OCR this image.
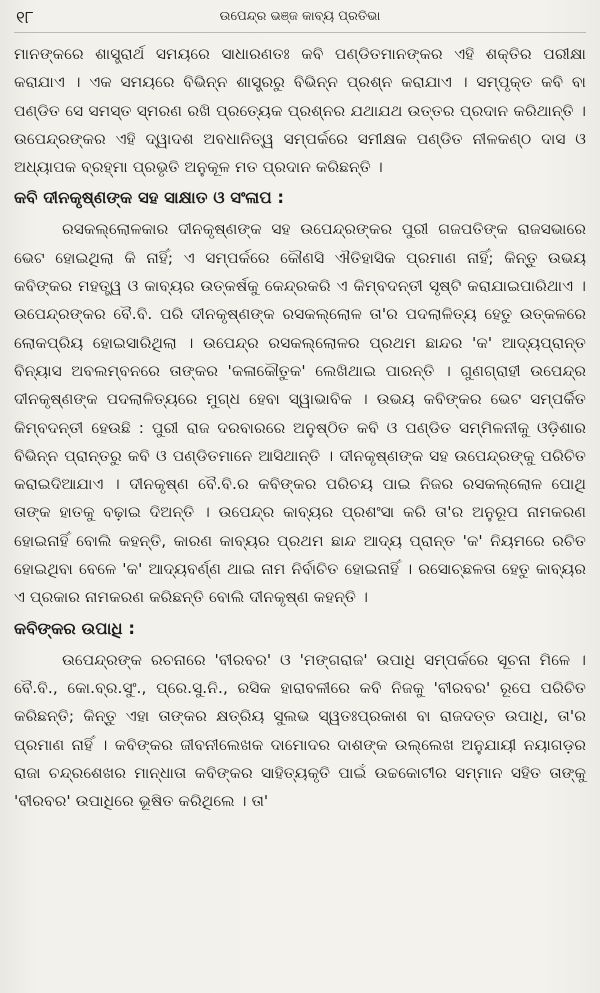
୧୮	ଉପେନ୍ଦ୍ର ଭଞ୍ଜ କାବ୍ୟ ପ୍ରତିଭା

ମାନଙ୍କରେ ଶାସ୍ତ୍ରାର୍ଥ ସମୟରେ ସାଧାରଣତଃ କବି ପଣ୍ଡିତମାନଙ୍କର ଏହି ଶକ୍ତିର ପରୀକ୍ଷା କରାଯାଏ । ଏକ ସମୟରେ ବିଭିନ୍ନ ଶାସ୍ତ୍ରରୁ ବିଭିନ୍ନ ପ୍ରଶ୍ନ କରାଯାଏ । ସମ୍ପୃକ୍ତ କବି ବା ପଣ୍ଡିତ ସେ ସମସ୍ତ ସ୍ମରଣ ରଖି ପ୍ରତ୍ୟେକ ପ୍ରଶ୍ନର ଯଥାଯଥ ଉତ୍ତର ପ୍ରଦାନ କରିଥାନ୍ତି । ଉପେନ୍ଦ୍ରଙ୍କର ଏହି ଦ୍ୱାଦଶ ଅବଧାନିତ୍ୱ ସମ୍ପର୍କରେ ସମୀକ୍ଷକ ପଣ୍ଡିତ ନୀଳକଣ୍ଠ ଦାସ ଓ ଅଧ୍ୟାପକ ବ୍ରହ୍ମା ପ୍ରଭୃତି ଅନୁକୂଳ ମତ ପ୍ରଦାନ କରିଛନ୍ତି ।

କବି ଦୀନକୃଷ୍ଣଙ୍କ ସହ ସାକ୍ଷାତ ଓ ସଂଳାପ :

ରସକଲ୍ଲୋଳକାର ଦୀନକୃଷ୍ଣଙ୍କ ସହ ଉପେନ୍ଦ୍ରଙ୍କର ପୁରୀ ଗଜପତିଙ୍କ ରାଜସଭାରେ ଭେଟ ହୋଇଥିଲା କି ନାହିଁ; ଏ ସମ୍ପର୍କରେ କୌଣସି ଐତିହାସିକ ପ୍ରମାଣ ନାହିଁ; କିନ୍ତୁ ଉଭୟ କବିଙ୍କର ମହତ୍ତ୍ୱ ଓ କାବ୍ୟର ଉତ୍କର୍ଷକୁ କେନ୍ଦ୍ରକରି ଏ କିମ୍ବଦନ୍ତୀ ସୃଷ୍ଟି କରାଯାଇପାରିଥାଏ । ଉପେନ୍ଦ୍ରଙ୍କର ବୈ.ବି. ପରି ଦୀନକୃଷ୍ଣଙ୍କ ରସକଲ୍ଲୋଳ ତା'ର ପଦଲାଳିତ୍ୟ ହେତୁ ଉତ୍କଳରେ ଲୋକପ୍ରିୟ ହୋଇସାରିଥିଲା । ଉପେନ୍ଦ୍ର ରସକଲ୍ଲୋଳର ପ୍ରଥମ ଛାନ୍ଦର 'କ' ଆଦ୍ୟପ୍ରାନ୍ତ ବିନ୍ୟାସ ଅବଲମ୍ବନରେ ତାଙ୍କର 'କଳାକୌତୁକ' ଲେଖିଥାଇ ପାରନ୍ତି । ଗୁଣଗ୍ରାହୀ ଉପେନ୍ଦ୍ର ଦୀନକୃଷ୍ଣଙ୍କ ପଦଲାଳିତ୍ୟରେ ମୁଗ୍ଧ ହେବା ସ୍ୱାଭାବିକ । ଉଭୟ କବିଙ୍କର ଭେଟ ସମ୍ପର୍କିତ କିମ୍ବଦନ୍ତୀ ହେଉଛି : ପୁରୀ ରାଜ ଦରବାରରେ ଅନୁଷ୍ଠିତ କବି ଓ ପଣ୍ଡିତ ସମ୍ମିଳନୀକୁ ଓଡ଼ିଶାର ବିଭିନ୍ନ ପ୍ରାନ୍ତରୁ କବି ଓ ପଣ୍ଡିତମାନେ ଆସିଥାନ୍ତି । ଦୀନକୃଷ୍ଣଙ୍କ ସହ ଉପେନ୍ଦ୍ରଙ୍କୁ ପରିଚିତ କରାଇଦିଆଯାଏ । ଦୀନକୃଷ୍ଣ ବୈ.ବି.ର କବିଙ୍କର ପରିଚୟ ପାଇ ନିଜର ରସକଲ୍ଲୋଳ ପୋଥି ତାଙ୍କ ହାତକୁ ବଢ଼ାଇ ଦିଅନ୍ତି । ଉପେନ୍ଦ୍ର କାବ୍ୟର ପ୍ରଶଂସା କରି ତା'ର ଅନୁରୂପ ନାମକରଣ ହୋଇନାହିଁ ବୋଲି କହନ୍ତି, କାରଣ କାବ୍ୟର ପ୍ରଥମ ଛାନ୍ଦ ଆଦ୍ୟ ପ୍ରାନ୍ତ 'କ' ନିୟମରେ ରଚିତ ହୋଇଥିବା ବେଳେ 'କ' ଆଦ୍ୟବର୍ଣ୍ଣ ଥାଇ ନାମ ନିର୍ବାଚିତ ହୋଇନାହିଁ । ରସୋଚ୍ଛଳତା ହେତୁ କାବ୍ୟର ଏ ପ୍ରକାର ନାମକରଣ କରିଛନ୍ତି ବୋଲି ଦୀନକୃଷ୍ଣ କହନ୍ତି ।

କବିଙ୍କର ଉପାଧି :

ଉପେନ୍ଦ୍ରଙ୍କ ରଚନାରେ 'ବୀରବର' ଓ 'ମଙ୍ଗରାଜ' ଉପାଧି ସମ୍ପର୍କରେ ସୂଚନା ମିଳେ । ବୈ.ବି., କୋ.ବ୍ର.ସୁଂ., ପ୍ରେ.ସୁ.ନି., ରସିକ ହାରାବଳୀରେ କବି ନିଜକୁ 'ବୀରବର' ରୂପେ ପରିଚିତ କରିଛନ୍ତି; କିନ୍ତୁ ଏହା ତାଙ୍କର କ୍ଷତ୍ରିୟ ସୁଲଭ ସ୍ୱତଃପ୍ରକାଶ ବା ରାଜଦତ୍ତ ଉପାଧି, ତା'ର ପ୍ରମାଣ ନାହିଁ । କବିଙ୍କର ଜୀବନୀଲେଖକ ଦାମୋଦର ଦାଶଙ୍କ ଉଲ୍ଲେଖ ଅନୁଯାୟୀ ନୟାଗଡ଼ର ରାଜା ଚନ୍ଦ୍ରଶେଖର ମାନ୍ଧାତା କବିଙ୍କର ସାହିତ୍ୟକୃତି ପାଇଁ ଉଚ୍ଚକୋଟୀର ସମ୍ମାନ ସହିତ ତାଙ୍କୁ 'ବୀରବର' ଉପାଧିରେ ଭୂଷିତ କରିଥିଲେ । ତା'
